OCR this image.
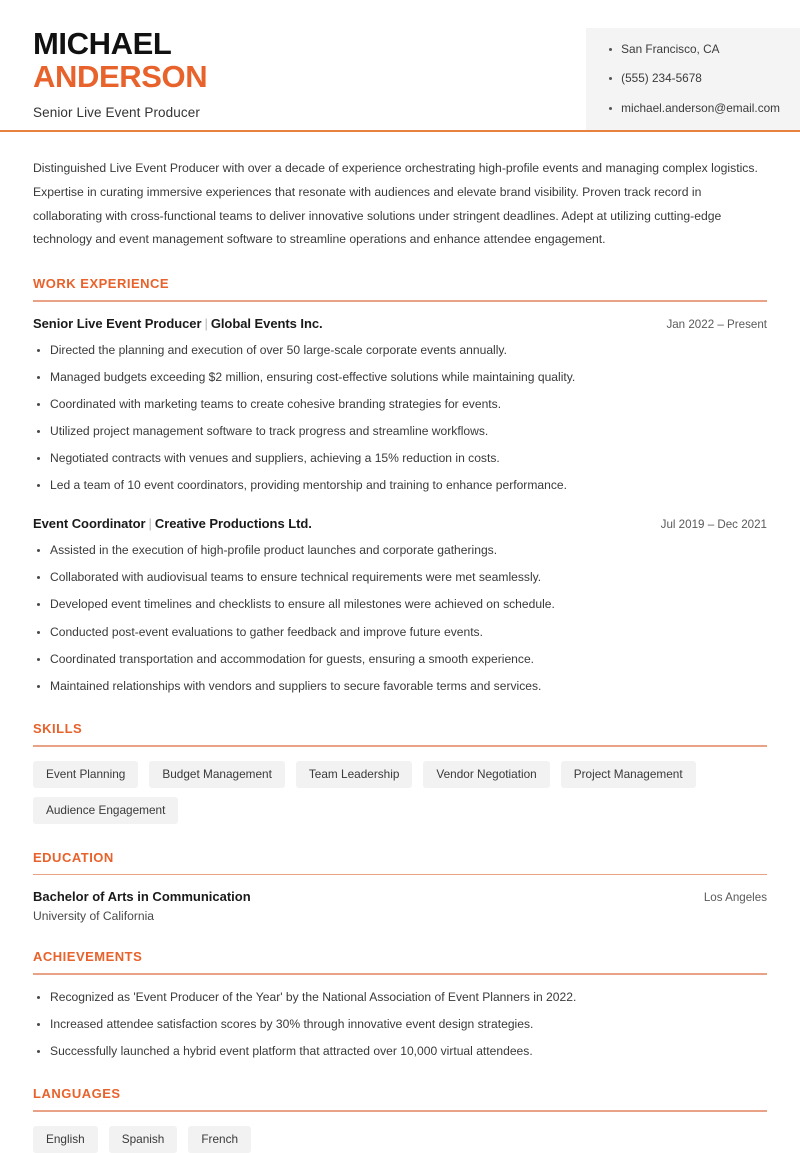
MICHAEL
ANDERSON
Senior Live Event Producer
San Francisco, CA
(555) 234-5678
michael.anderson@email.com

Distinguished Live Event Producer with over a decade of experience orchestrating high-profile events and managing complex logistics. Expertise in curating immersive experiences that resonate with audiences and elevate brand visibility. Proven track record in collaborating with cross-functional teams to deliver innovative solutions under stringent deadlines. Adept at utilizing cutting-edge technology and event management software to streamline operations and enhance attendee engagement.

WORK EXPERIENCE
Senior Live Event Producer | Global Events Inc.	Jan 2022 – Present
Directed the planning and execution of over 50 large-scale corporate events annually.
Managed budgets exceeding $2 million, ensuring cost-effective solutions while maintaining quality.
Coordinated with marketing teams to create cohesive branding strategies for events.
Utilized project management software to track progress and streamline workflows.
Negotiated contracts with venues and suppliers, achieving a 15% reduction in costs.
Led a team of 10 event coordinators, providing mentorship and training to enhance performance.
Event Coordinator | Creative Productions Ltd.	Jul 2019 – Dec 2021
Assisted in the execution of high-profile product launches and corporate gatherings.
Collaborated with audiovisual teams to ensure technical requirements were met seamlessly.
Developed event timelines and checklists to ensure all milestones were achieved on schedule.
Conducted post-event evaluations to gather feedback and improve future events.
Coordinated transportation and accommodation for guests, ensuring a smooth experience.
Maintained relationships with vendors and suppliers to secure favorable terms and services.
SKILLS
Event Planning	Budget Management	Team Leadership	Vendor Negotiation	Project Management
Audience Engagement
EDUCATION
Bachelor of Arts in Communication	Los Angeles
University of California
ACHIEVEMENTS
Recognized as 'Event Producer of the Year' by the National Association of Event Planners in 2022.
Increased attendee satisfaction scores by 30% through innovative event design strategies.
Successfully launched a hybrid event platform that attracted over 10,000 virtual attendees.
LANGUAGES
English	Spanish	French
